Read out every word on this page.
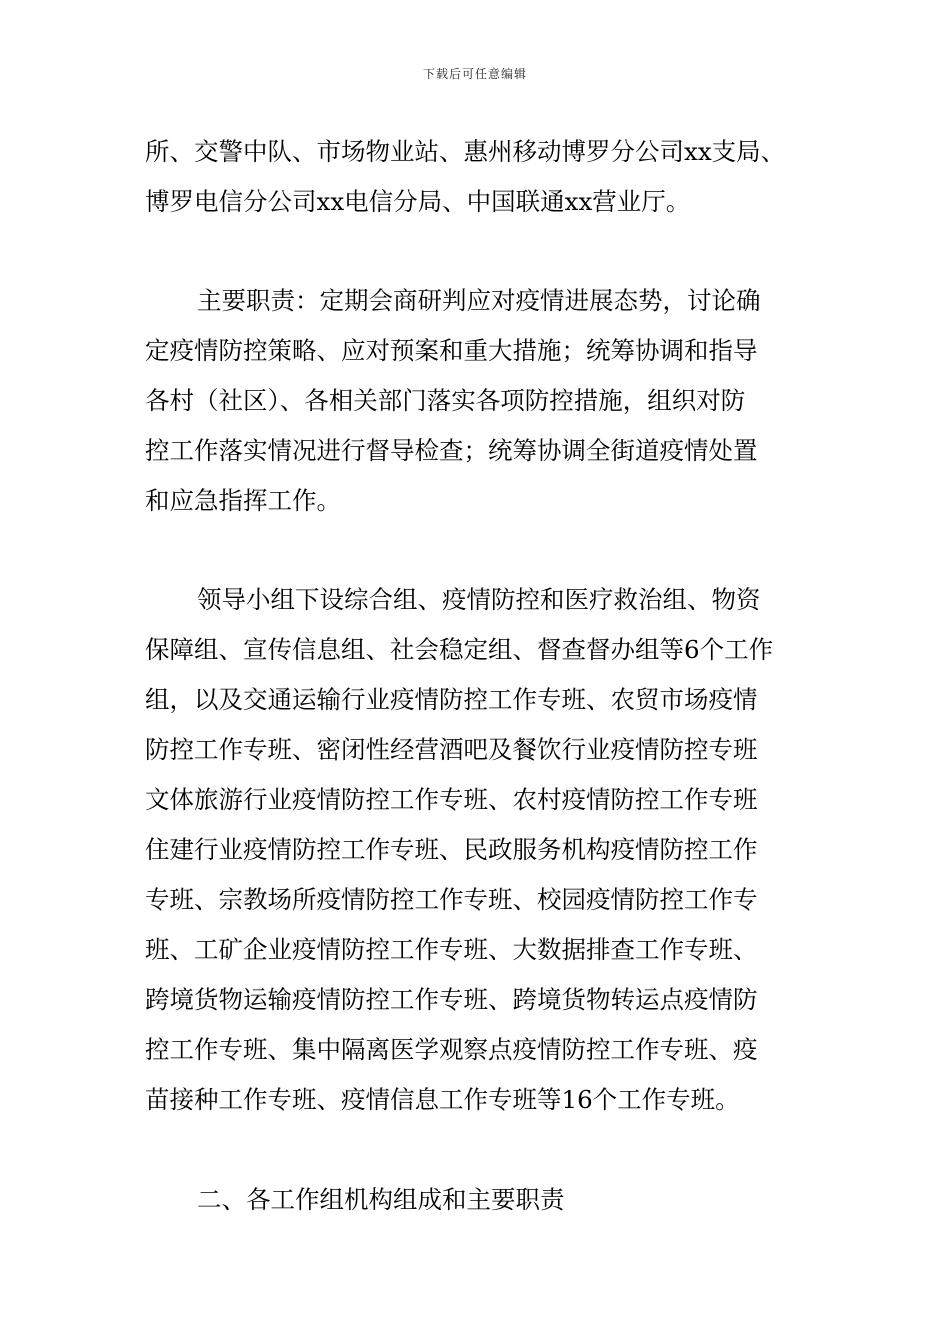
下载后可任意编辑
所、交警中队、市场物业站、惠州移动博罗分公司xx支局、
博罗电信分公司xx电信分局、中国联通xx营业厅。
主要职责：定期会商研判应对疫情进展态势，讨论确
定疫情防控策略、应对预案和重大措施；统筹协调和指导
各村（社区）、各相关部门落实各项防控措施，组织对防
控工作落实情况进行督导检查；统筹协调全街道疫情处置
和应急指挥工作。
领导小组下设综合组、疫情防控和医疗救治组、物资
保障组、宣传信息组、社会稳定组、督查督办组等6个工作
组，以及交通运输行业疫情防控工作专班、农贸市场疫情
防控工作专班、密闭性经营酒吧及餐饮行业疫情防控专班
文体旅游行业疫情防控工作专班、农村疫情防控工作专班
住建行业疫情防控工作专班、民政服务机构疫情防控工作
专班、宗教场所疫情防控工作专班、校园疫情防控工作专
班、工矿企业疫情防控工作专班、大数据排查工作专班、
跨境货物运输疫情防控工作专班、跨境货物转运点疫情防
控工作专班、集中隔离医学观察点疫情防控工作专班、疫
苗接种工作专班、疫情信息工作专班等16个工作专班。
二、各工作组机构组成和主要职责
